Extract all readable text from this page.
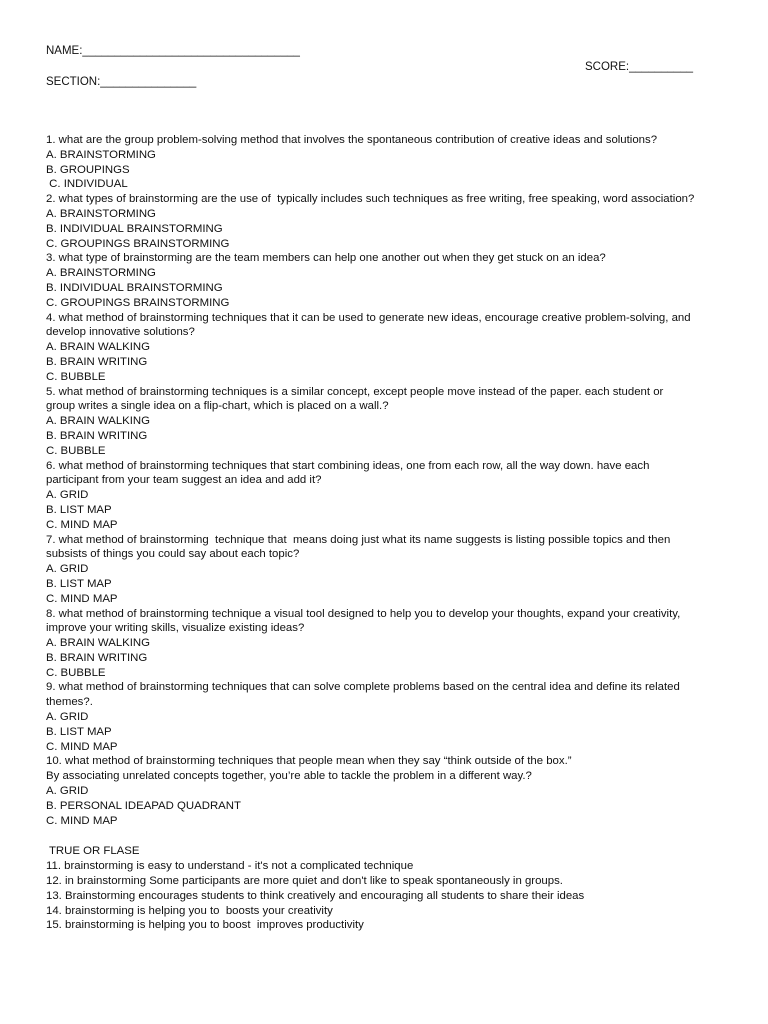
NAME:__________________________________
SCORE:__________
SECTION:_______________
1. what are the group problem-solving method that involves the spontaneous contribution of creative ideas and solutions?
A. BRAINSTORMING
B. GROUPINGS
C. INDIVIDUAL
2. what types of brainstorming are the use of  typically includes such techniques as free writing, free speaking, word association?
A. BRAINSTORMING
B. INDIVIDUAL BRAINSTORMING
C. GROUPINGS BRAINSTORMING
3. what type of brainstorming are the team members can help one another out when they get stuck on an idea?
A. BRAINSTORMING
B. INDIVIDUAL BRAINSTORMING
C. GROUPINGS BRAINSTORMING
4. what method of brainstorming techniques that it can be used to generate new ideas, encourage creative problem-solving, and
develop innovative solutions?
A. BRAIN WALKING
B. BRAIN WRITING
C. BUBBLE
5. what method of brainstorming techniques is a similar concept, except people move instead of the paper. each student or
group writes a single idea on a flip-chart, which is placed on a wall.?
A. BRAIN WALKING
B. BRAIN WRITING
C. BUBBLE
6. what method of brainstorming techniques that start combining ideas, one from each row, all the way down. have each
participant from your team suggest an idea and add it?
A. GRID
B. LIST MAP
C. MIND MAP
7. what method of brainstorming  technique that  means doing just what its name suggests is listing possible topics and then
subsists of things you could say about each topic?
A. GRID
B. LIST MAP
C. MIND MAP
8. what method of brainstorming technique a visual tool designed to help you to develop your thoughts, expand your creativity,
improve your writing skills, visualize existing ideas?
A. BRAIN WALKING
B. BRAIN WRITING
C. BUBBLE
9. what method of brainstorming techniques that can solve complete problems based on the central idea and define its related
themes?.
A. GRID
B. LIST MAP
C. MIND MAP
10. what method of brainstorming techniques that people mean when they say “think outside of the box.”
By associating unrelated concepts together, you’re able to tackle the problem in a different way.?
A. GRID
B. PERSONAL IDEAPAD QUADRANT
C. MIND MAP
TRUE OR FLASE
11. brainstorming is easy to understand - it's not a complicated technique
12. in brainstorming Some participants are more quiet and don't like to speak spontaneously in groups.
13. Brainstorming encourages students to think creatively and encouraging all students to share their ideas
14. brainstorming is helping you to  boosts your creativity
15. brainstorming is helping you to boost  improves productivity
